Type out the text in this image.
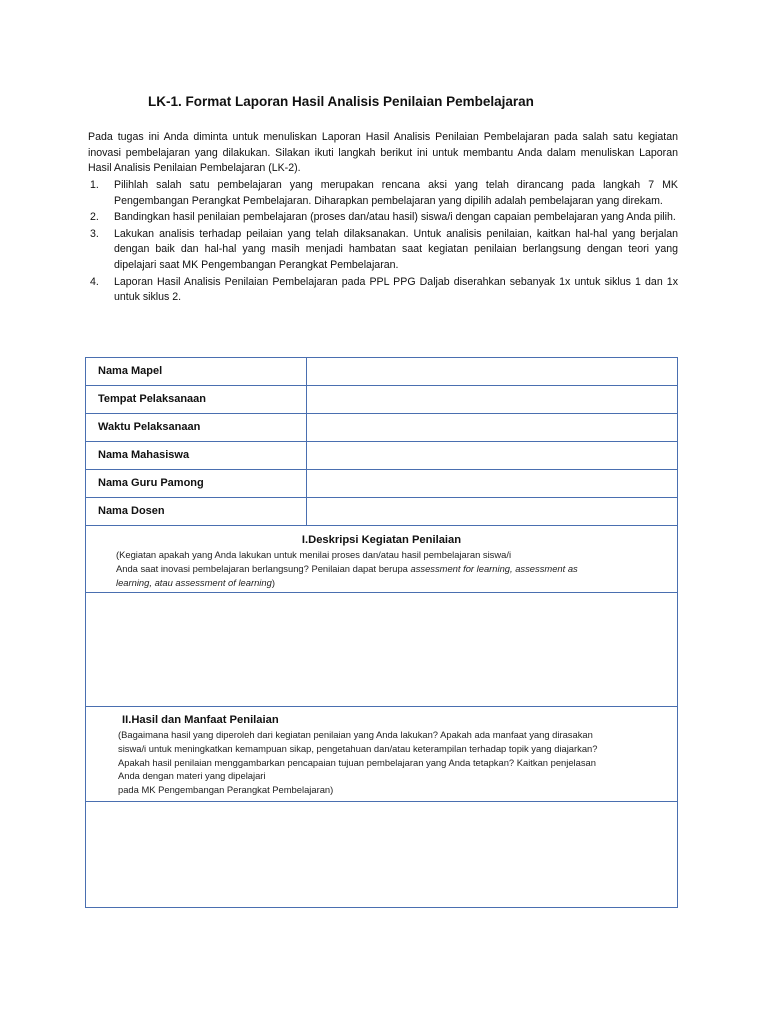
LK-1. Format Laporan Hasil Analisis Penilaian Pembelajaran
Pada tugas ini Anda diminta untuk menuliskan Laporan Hasil Analisis Penilaian Pembelajaran pada salah satu kegiatan inovasi pembelajaran yang dilakukan. Silakan ikuti langkah berikut ini untuk membantu Anda dalam menuliskan Laporan Hasil Analisis Penilaian Pembelajaran (LK-2).
1. Pilihlah salah satu pembelajaran yang merupakan rencana aksi yang telah dirancang pada langkah 7 MK Pengembangan Perangkat Pembelajaran. Diharapkan pembelajaran yang dipilih adalah pembelajaran yang direkam.
2. Bandingkan hasil penilaian pembelajaran (proses dan/atau hasil) siswa/i dengan capaian pembelajaran yang Anda pilih.
3. Lakukan analisis terhadap peilaian yang telah dilaksanakan. Untuk analisis penilaian, kaitkan hal-hal yang berjalan dengan baik dan hal-hal yang masih menjadi hambatan saat kegiatan penilaian berlangsung dengan teori yang dipelajari saat MK Pengembangan Perangkat Pembelajaran.
4. Laporan Hasil Analisis Penilaian Pembelajaran pada PPL PPG Daljab diserahkan sebanyak 1x untuk siklus 1 dan 1x untuk siklus 2.
Nama Mapel
Tempat Pelaksanaan
Waktu Pelaksanaan
Nama Mahasiswa
Nama Guru Pamong
Nama Dosen
I.Deskripsi Kegiatan Penilaian
(Kegiatan apakah yang Anda lakukan untuk menilai proses dan/atau hasil pembelajaran siswa/i
Anda saat inovasi pembelajaran berlangsung? Penilaian dapat berupa assessment for learning, assessment as
learning, atau assessment of learning)
II.Hasil dan Manfaat Penilaian
(Bagaimana hasil yang diperoleh dari kegiatan penilaian yang Anda lakukan? Apakah ada manfaat yang dirasakan
siswa/i untuk meningkatkan kemampuan sikap, pengetahuan dan/atau keterampilan terhadap topik yang diajarkan?
Apakah hasil penilaian menggambarkan pencapaian tujuan pembelajaran yang Anda tetapkan? Kaitkan penjelasan
Anda dengan materi yang dipelajari
pada MK Pengembangan Perangkat Pembelajaran)
